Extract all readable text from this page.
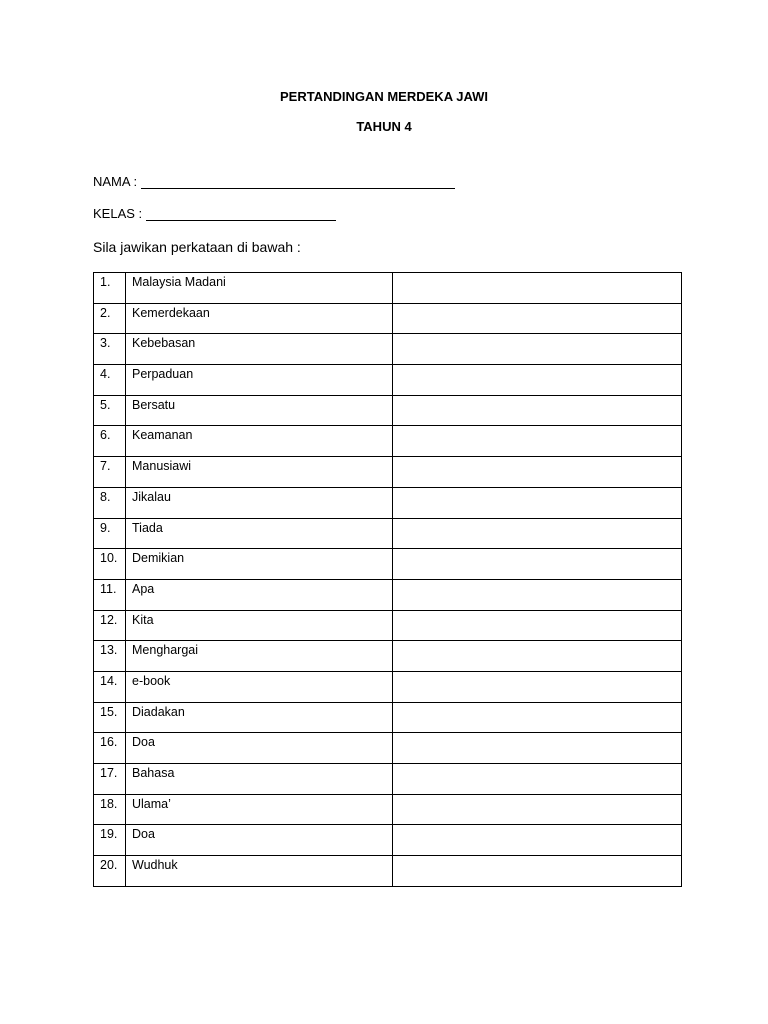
PERTANDINGAN MERDEKA JAWI
TAHUN 4
NAMA :
KELAS :
Sila jawikan perkataan di bawah :
1.	Malaysia Madani	
2.	Kemerdekaan	
3.	Kebebasan	
4.	Perpaduan	
5.	Bersatu	
6.	Keamanan	
7.	Manusiawi	
8.	Jikalau	
9.	Tiada	
10.	Demikian	
11.	Apa	
12.	Kita	
13.	Menghargai	
14.	e-book	
15.	Diadakan	
16.	Doa	
17.	Bahasa	
18.	Ulama’	
19.	Doa	
20.	Wudhuk	
